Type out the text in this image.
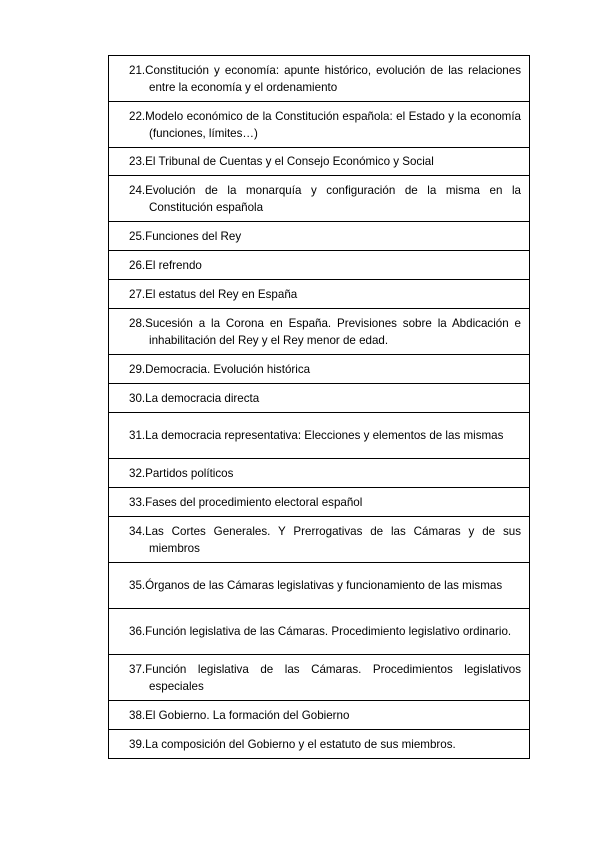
21.Constitución y economía: apunte histórico, evolución de las relaciones entre la economía y el ordenamiento

22.Modelo económico de la Constitución española: el Estado y la economía (funciones, límites…)

23.El Tribunal de Cuentas y el Consejo Económico y Social

24.Evolución de la monarquía y configuración de la misma en la Constitución española

25.Funciones del Rey

26.El refrendo

27.El estatus del Rey en España

28.Sucesión a la Corona en España. Previsiones sobre la Abdicación e inhabilitación del Rey y el Rey menor de edad.

29.Democracia. Evolución histórica

30.La democracia directa

31.La democracia representativa: Elecciones y elementos de las mismas

32.Partidos políticos

33.Fases del procedimiento electoral español

34.Las Cortes Generales. Y Prerrogativas de las Cámaras y de sus miembros

35.Órganos de las Cámaras legislativas y funcionamiento de las mismas

36.Función legislativa de las Cámaras. Procedimiento legislativo ordinario.

37.Función legislativa de las Cámaras. Procedimientos legislativos especiales

38.El Gobierno. La formación del Gobierno

39.La composición del Gobierno y el estatuto de sus miembros.
